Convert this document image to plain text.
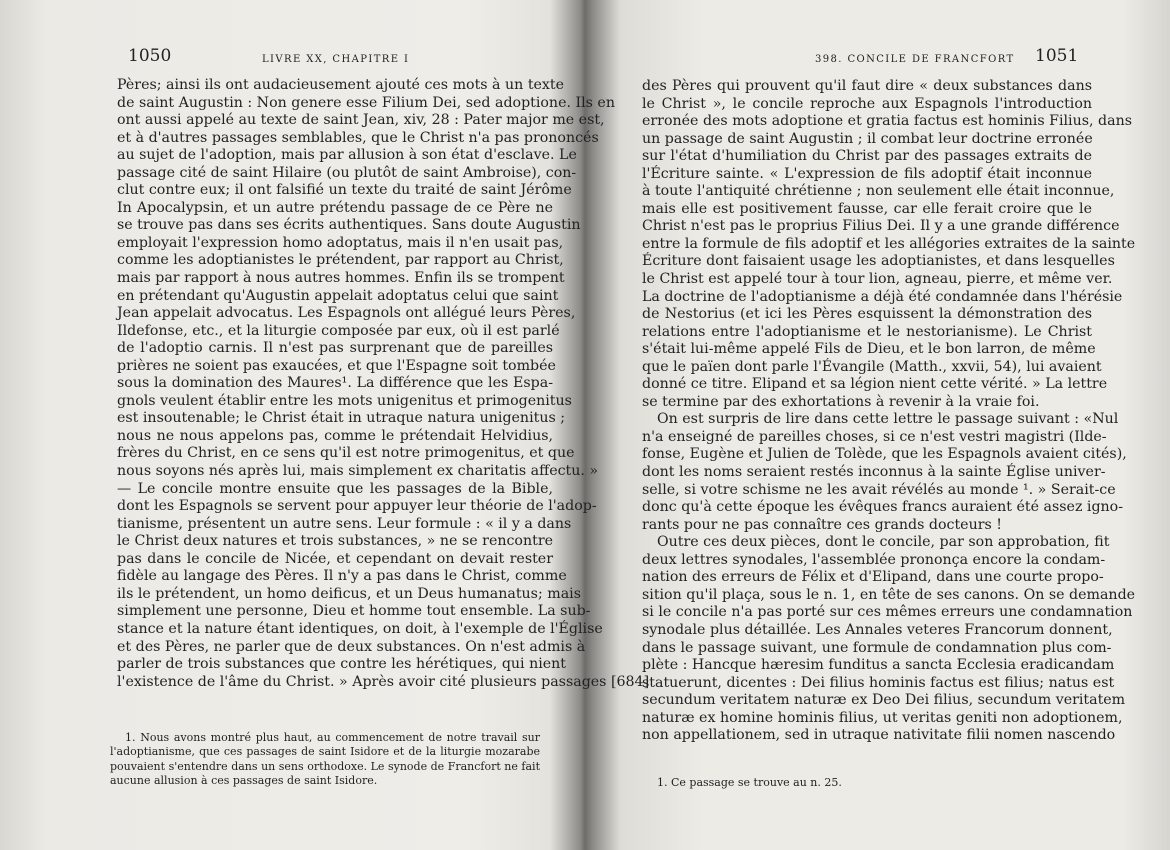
1050	LIVRE XX, CHAPITRE I
Pères; ainsi ils ont audacieusement ajouté ces mots à un texte
de saint Augustin : Non genere esse Filium Dei, sed adoptione. Ils en
ont aussi appelé au texte de saint Jean, xiv, 28 : Pater major me est,
et à d'autres passages semblables, que le Christ n'a pas prononcés
au sujet de l'adoption, mais par allusion à son état d'esclave. Le
passage cité de saint Hilaire (ou plutôt de saint Ambroise), con-
clut contre eux; il ont falsifié un texte du traité de saint Jérôme
In Apocalypsin, et un autre prétendu passage de ce Père ne
se trouve pas dans ses écrits authentiques. Sans doute Augustin
employait l'expression homo adoptatus, mais il n'en usait pas,
comme les adoptianistes le prétendent, par rapport au Christ,
mais par rapport à nous autres hommes. Enfin ils se trompent
en prétendant qu'Augustin appelait adoptatus celui que saint
Jean appelait advocatus. Les Espagnols ont allégué leurs Pères,
Ildefonse, etc., et la liturgie composée par eux, où il est parlé
de l'adoptio carnis. Il n'est pas surprenant que de pareilles
prières ne soient pas exaucées, et que l'Espagne soit tombée
sous la domination des Maures¹. La différence que les Espa-
gnols veulent établir entre les mots unigenitus et primogenitus
est insoutenable; le Christ était in utraque natura unigenitus ;
nous ne nous appelons pas, comme le prétendait Helvidius,
frères du Christ, en ce sens qu'il est notre primogenitus, et que
nous soyons nés après lui, mais simplement ex charitatis affectu. »
— Le concile montre ensuite que les passages de la Bible,
dont les Espagnols se servent pour appuyer leur théorie de l'adop-
tianisme, présentent un autre sens. Leur formule : « il y a dans
le Christ deux natures et trois substances, » ne se rencontre
pas dans le concile de Nicée, et cependant on devait rester
fidèle au langage des Pères. Il n'y a pas dans le Christ, comme
ils le prétendent, un homo deificus, et un Deus humanatus; mais
simplement une personne, Dieu et homme tout ensemble. La sub-
stance et la nature étant identiques, on doit, à l'exemple de l'Église
et des Pères, ne parler que de deux substances. On n'est admis à
parler de trois substances que contre les hérétiques, qui nient
l'existence de l'âme du Christ. » Après avoir cité plusieurs passages [684]
1. Nous avons montré plus haut, au commencement de notre travail sur
l'adoptianisme, que ces passages de saint Isidore et de la liturgie mozarabe
pouvaient s'entendre dans un sens orthodoxe. Le synode de Francfort ne fait
aucune allusion à ces passages de saint Isidore.
398. CONCILE DE FRANCFORT 1051
des Pères qui prouvent qu'il faut dire « deux substances dans
le Christ », le concile reproche aux Espagnols l'introduction
erronée des mots adoptione et gratia factus est hominis Filius, dans
un passage de saint Augustin ; il combat leur doctrine erronée
sur l'état d'humiliation du Christ par des passages extraits de
l'Écriture sainte. « L'expression de fils adoptif était inconnue
à toute l'antiquité chrétienne ; non seulement elle était inconnue,
mais elle est positivement fausse, car elle ferait croire que le
Christ n'est pas le proprius Filius Dei. Il y a une grande différence
entre la formule de fils adoptif et les allégories extraites de la sainte
Écriture dont faisaient usage les adoptianistes, et dans lesquelles
le Christ est appelé tour à tour lion, agneau, pierre, et même ver.
La doctrine de l'adoptianisme a déjà été condamnée dans l'hérésie
de Nestorius (et ici les Pères esquissent la démonstration des
relations entre l'adoptianisme et le nestorianisme). Le Christ
s'était lui-même appelé Fils de Dieu, et le bon larron, de même
que le païen dont parle l'Évangile (Matth., xxvii, 54), lui avaient
donné ce titre. Elipand et sa légion nient cette vérité. » La lettre
se termine par des exhortations à revenir à la vraie foi.
On est surpris de lire dans cette lettre le passage suivant : «Nul
n'a enseigné de pareilles choses, si ce n'est vestri magistri (Ilde-
fonse, Eugène et Julien de Tolède, que les Espagnols avaient cités),
dont les noms seraient restés inconnus à la sainte Église univer-
selle, si votre schisme ne les avait révélés au monde ¹. » Serait-ce
donc qu'à cette époque les évêques francs auraient été assez igno-
rants pour ne pas connaître ces grands docteurs !
Outre ces deux pièces, dont le concile, par son approbation, fit
deux lettres synodales, l'assemblée prononça encore la condam-
nation des erreurs de Félix et d'Elipand, dans une courte propo-
sition qu'il plaça, sous le n. 1, en tête de ses canons. On se demande
si le concile n'a pas porté sur ces mêmes erreurs une condamnation
synodale plus détaillée. Les Annales veteres Francorum donnent,
dans le passage suivant, une formule de condamnation plus com-
plète : Hancque hæresim funditus a sancta Ecclesia eradicandam
statuerunt, dicentes : Dei filius hominis factus est filius; natus est
secundum veritatem naturæ ex Deo Dei filius, secundum veritatem
naturæ ex homine hominis filius, ut veritas geniti non adoptionem,
non appellationem, sed in utraque nativitate filii nomen nascendo
1. Ce passage se trouve au n. 25.
